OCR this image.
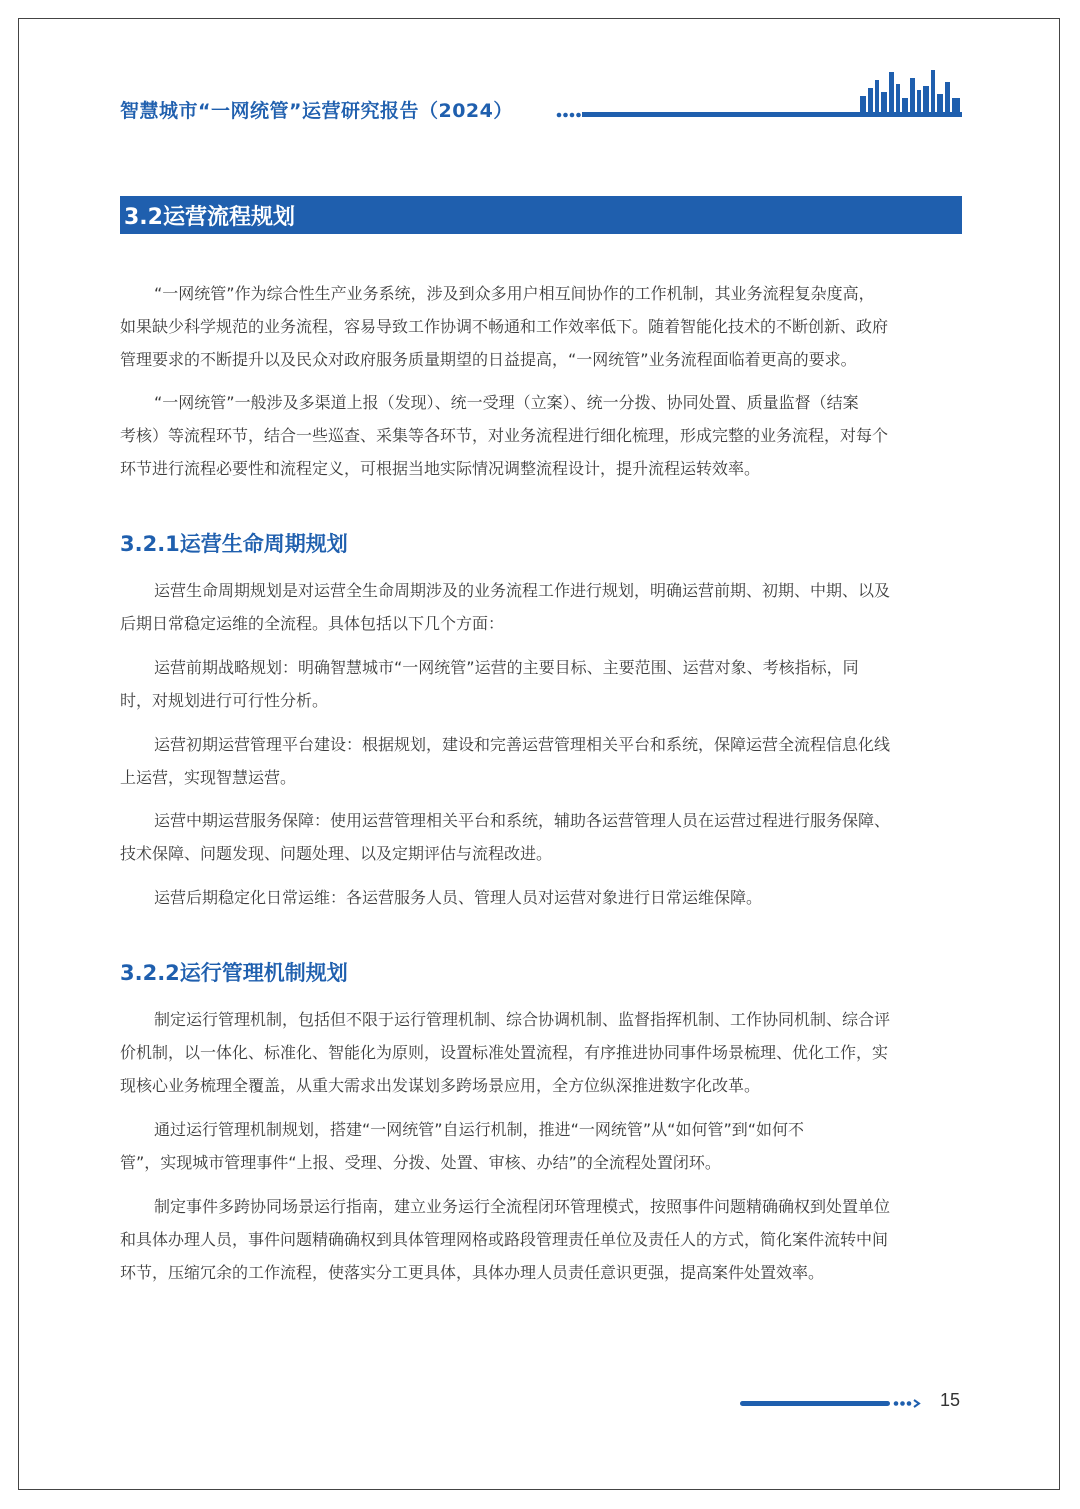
智慧城市“一网统管”运营研究报告（2024）
3.2运营流程规划
“一网统管”作为综合性生产业务系统，涉及到众多用户相互间协作的工作机制，其业务流程复杂度高，
如果缺少科学规范的业务流程，容易导致工作协调不畅通和工作效率低下。随着智能化技术的不断创新、政府
管理要求的不断提升以及民众对政府服务质量期望的日益提高，“一网统管”业务流程面临着更高的要求。
“一网统管”一般涉及多渠道上报（发现）、统一受理（立案）、统一分拨、协同处置、质量监督（结案
考核）等流程环节，结合一些巡查、采集等各环节，对业务流程进行细化梳理，形成完整的业务流程，对每个
环节进行流程必要性和流程定义，可根据当地实际情况调整流程设计，提升流程运转效率。
3.2.1运营生命周期规划
运营生命周期规划是对运营全生命周期涉及的业务流程工作进行规划，明确运营前期、初期、中期、以及
后期日常稳定运维的全流程。具体包括以下几个方面：
运营前期战略规划：明确智慧城市“一网统管”运营的主要目标、主要范围、运营对象、考核指标，同
时，对规划进行可行性分析。
运营初期运营管理平台建设：根据规划，建设和完善运营管理相关平台和系统，保障运营全流程信息化线
上运营，实现智慧运营。
运营中期运营服务保障：使用运营管理相关平台和系统，辅助各运营管理人员在运营过程进行服务保障、
技术保障、问题发现、问题处理、以及定期评估与流程改进。
运营后期稳定化日常运维：各运营服务人员、管理人员对运营对象进行日常运维保障。
3.2.2运行管理机制规划
制定运行管理机制，包括但不限于运行管理机制、综合协调机制、监督指挥机制、工作协同机制、综合评
价机制，以一体化、标准化、智能化为原则，设置标准处置流程，有序推进协同事件场景梳理、优化工作，实
现核心业务梳理全覆盖，从重大需求出发谋划多跨场景应用，全方位纵深推进数字化改革。
通过运行管理机制规划，搭建“一网统管”自运行机制，推进“一网统管”从“如何管”到“如何不
管”，实现城市管理事件“上报、受理、分拨、处置、审核、办结”的全流程处置闭环。
制定事件多跨协同场景运行指南，建立业务运行全流程闭环管理模式，按照事件问题精确确权到处置单位
和具体办理人员，事件问题精确确权到具体管理网格或路段管理责任单位及责任人的方式，简化案件流转中间
环节，压缩冗余的工作流程，使落实分工更具体，具体办理人员责任意识更强，提高案件处置效率。
15
